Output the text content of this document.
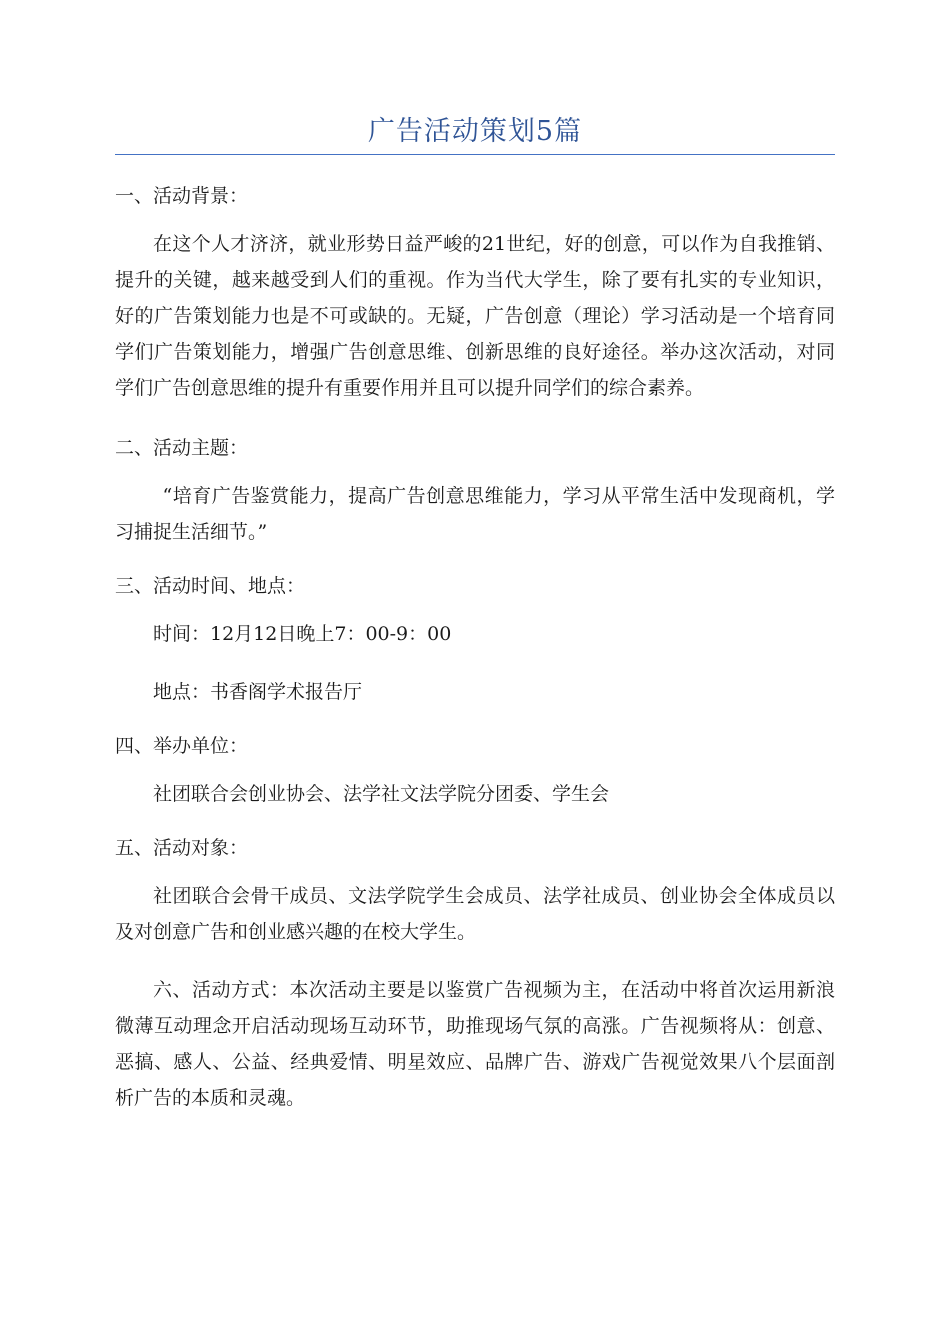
广告活动策划5篇

一、活动背景：

在这个人才济济，就业形势日益严峻的21世纪，好的创意，可以作为自我推销、提升的关键，越来越受到人们的重视。作为当代大学生，除了要有扎实的专业知识，好的广告策划能力也是不可或缺的。无疑，广告创意（理论）学习活动是一个培育同学们广告策划能力，增强广告创意思维、创新思维的良好途径。举办这次活动，对同学们广告创意思维的提升有重要作用并且可以提升同学们的综合素养。

二、活动主题：

“培育广告鉴赏能力，提高广告创意思维能力，学习从平常生活中发现商机，学习捕捉生活细节。”

三、活动时间、地点：

时间：12月12日晚上7：00-9：00

地点：书香阁学术报告厅

四、举办单位：

社团联合会创业协会、法学社文法学院分团委、学生会

五、活动对象：

社团联合会骨干成员、文法学院学生会成员、法学社成员、创业协会全体成员以及对创意广告和创业感兴趣的在校大学生。

六、活动方式：本次活动主要是以鉴赏广告视频为主，在活动中将首次运用新浪微薄互动理念开启活动现场互动环节，助推现场气氛的高涨。广告视频将从：创意、恶搞、感人、公益、经典爱情、明星效应、品牌广告、游戏广告视觉效果八个层面剖析广告的本质和灵魂。
